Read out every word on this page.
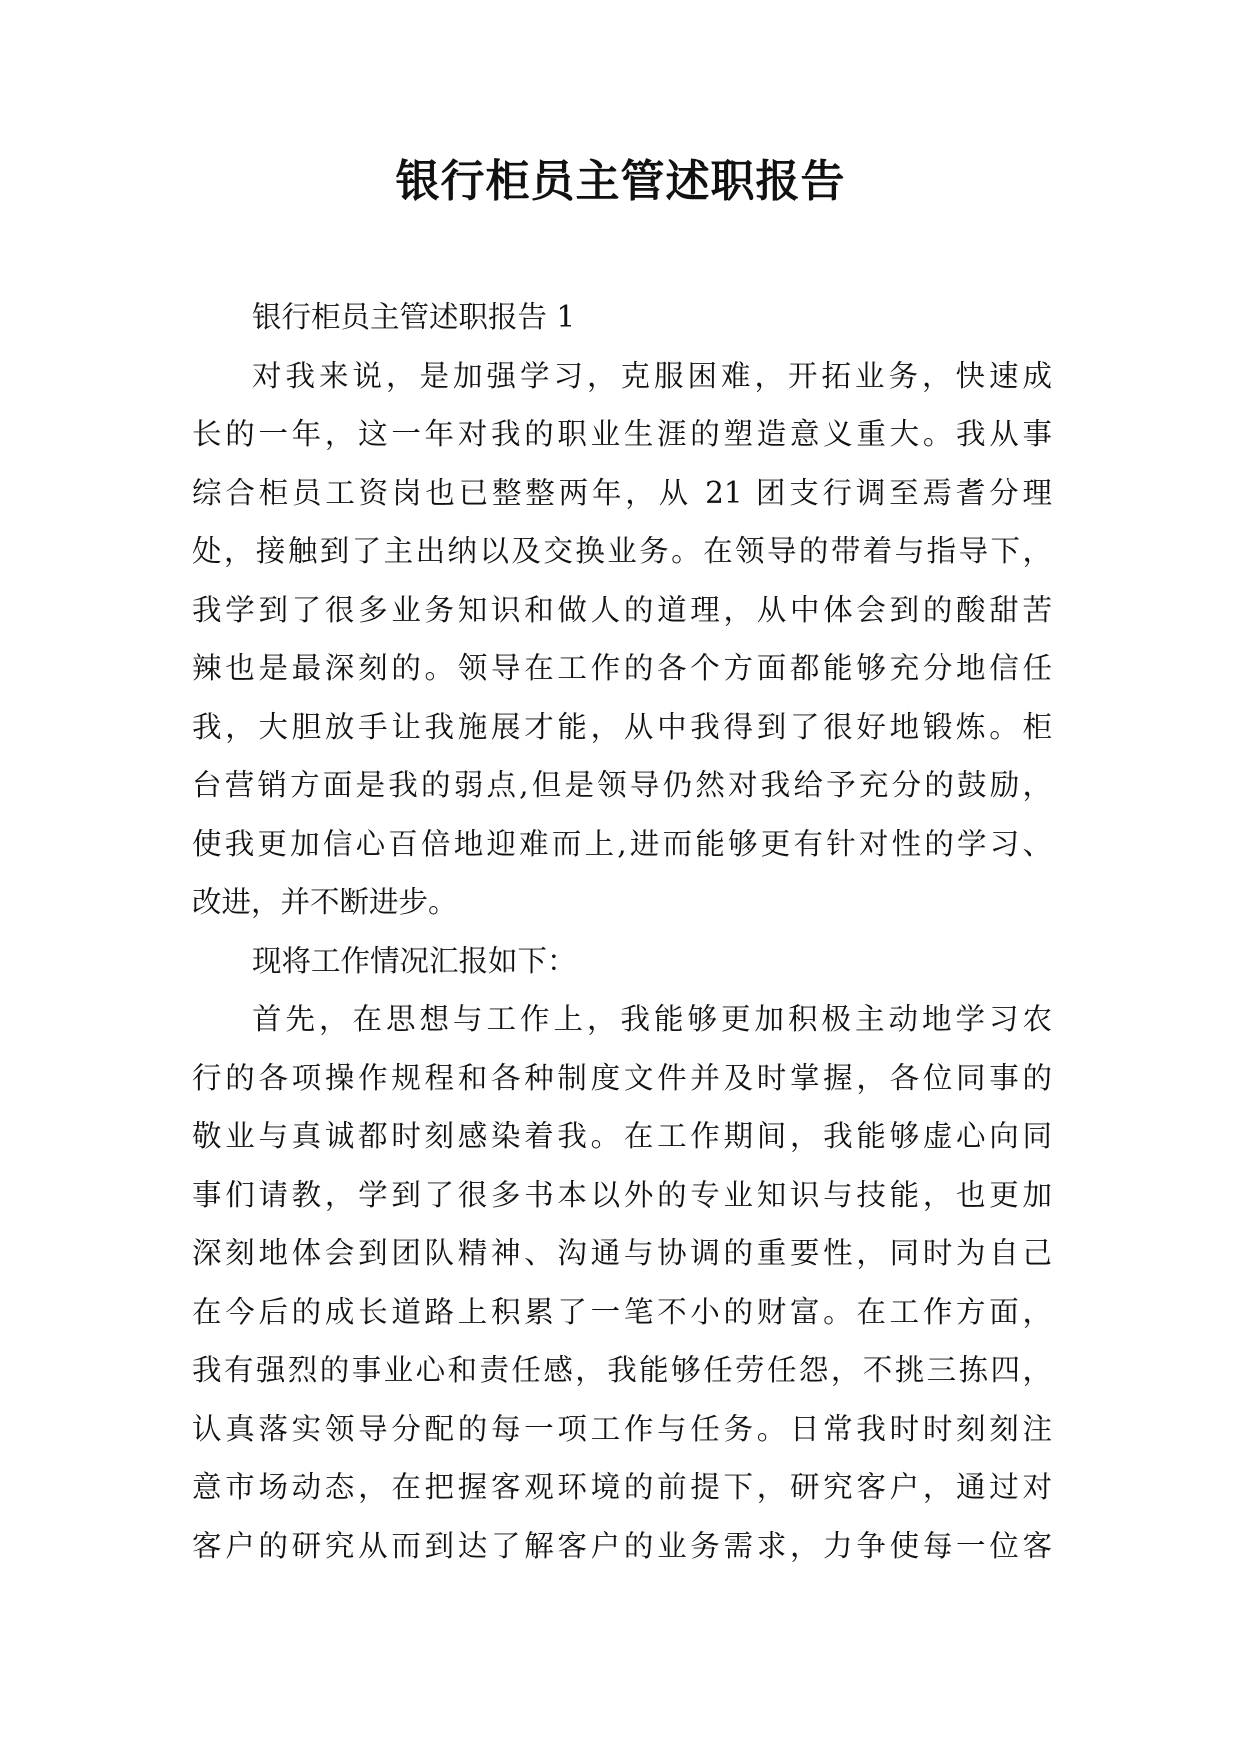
银行柜员主管述职报告
银行柜员主管述职报告 1
对我来说，是加强学习，克服困难，开拓业务，快速成
长的一年，这一年对我的职业生涯的塑造意义重大。我从事
综合柜员工资岗也已整整两年，从 21 团支行调至焉耆分理
处，接触到了主出纳以及交换业务。在领导的带着与指导下，
我学到了很多业务知识和做人的道理，从中体会到的酸甜苦
辣也是最深刻的。领导在工作的各个方面都能够充分地信任
我，大胆放手让我施展才能，从中我得到了很好地锻炼。柜
台营销方面是我的弱点,但是领导仍然对我给予充分的鼓励，
使我更加信心百倍地迎难而上,进而能够更有针对性的学习、
改进，并不断进步。
现将工作情况汇报如下：
首先，在思想与工作上，我能够更加积极主动地学习农
行的各项操作规程和各种制度文件并及时掌握，各位同事的
敬业与真诚都时刻感染着我。在工作期间，我能够虚心向同
事们请教，学到了很多书本以外的专业知识与技能，也更加
深刻地体会到团队精神、沟通与协调的重要性，同时为自己
在今后的成长道路上积累了一笔不小的财富。在工作方面，
我有强烈的事业心和责任感，我能够任劳任怨，不挑三拣四，
认真落实领导分配的每一项工作与任务。日常我时时刻刻注
意市场动态，在把握客观环境的前提下，研究客户，通过对
客户的研究从而到达了解客户的业务需求，力争使每一位客
